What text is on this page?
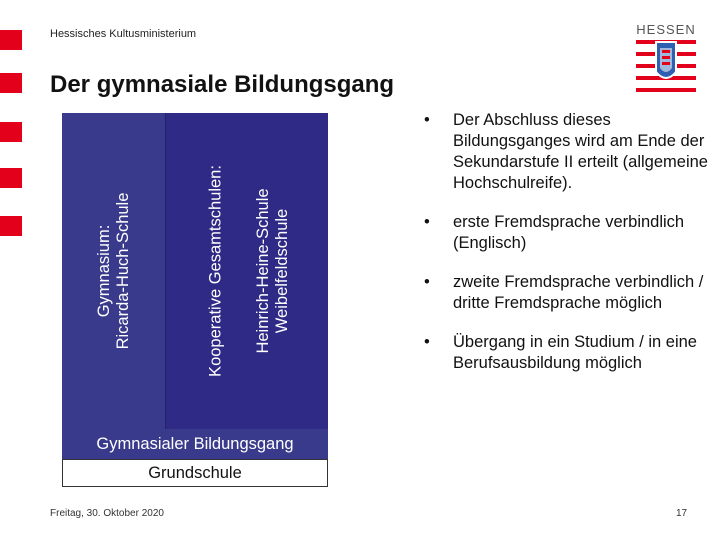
Hessisches Kultusministerium	HESSEN
Der gymnasiale Bildungsgang
Gymnasium: Ricarda-Huch-Schule	Kooperative Gesamtschulen: Heinrich-Heine-Schule Weibelfeldschule
Gymnasialer Bildungsgang
Grundschule
• Der Abschluss dieses Bildungsganges wird am Ende der Sekundarstufe II erteilt (allgemeine Hochschulreife).
• erste Fremdsprache verbindlich (Englisch)
• zweite Fremdsprache verbindlich / dritte Fremdsprache möglich
• Übergang in ein Studium / in eine Berufsausbildung möglich
Freitag, 30. Oktober 2020	17
